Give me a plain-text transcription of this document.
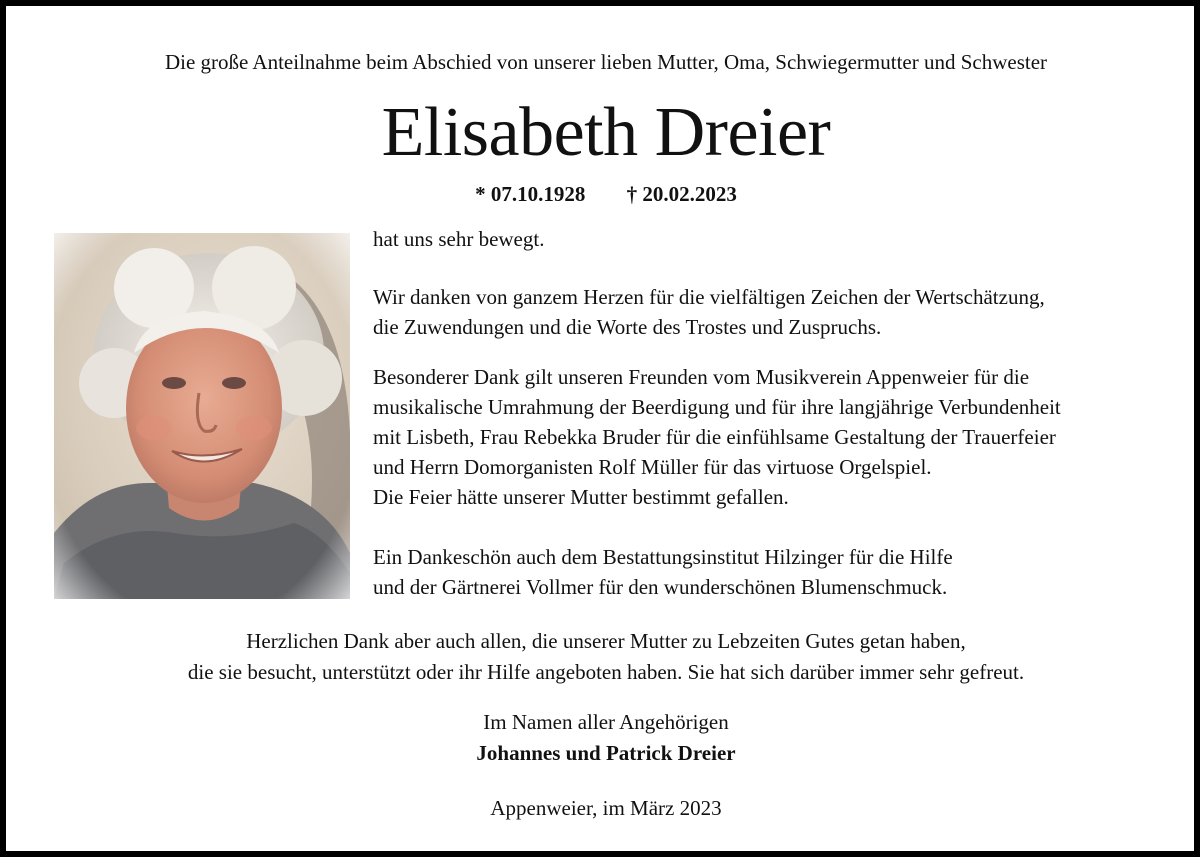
Die große Anteilnahme beim Abschied von unserer lieben Mutter, Oma, Schwiegermutter und Schwester
Elisabeth Dreier
* 07.10.1928 † 20.02.2023
hat uns sehr bewegt.
Wir danken von ganzem Herzen für die vielfältigen Zeichen der Wertschätzung,
die Zuwendungen und die Worte des Trostes und Zuspruchs.
Besonderer Dank gilt unseren Freunden vom Musikverein Appenweier für die
musikalische Umrahmung der Beerdigung und für ihre langjährige Verbundenheit
mit Lisbeth, Frau Rebekka Bruder für die einfühlsame Gestaltung der Trauerfeier
und Herrn Domorganisten Rolf Müller für das virtuose Orgelspiel.
Die Feier hätte unserer Mutter bestimmt gefallen.
Ein Dankeschön auch dem Bestattungsinstitut Hilzinger für die Hilfe
und der Gärtnerei Vollmer für den wunderschönen Blumenschmuck.
Herzlichen Dank aber auch allen, die unserer Mutter zu Lebzeiten Gutes getan haben,
die sie besucht, unterstützt oder ihr Hilfe angeboten haben. Sie hat sich darüber immer sehr gefreut.
Im Namen aller Angehörigen
Johannes und Patrick Dreier
Appenweier, im März 2023
